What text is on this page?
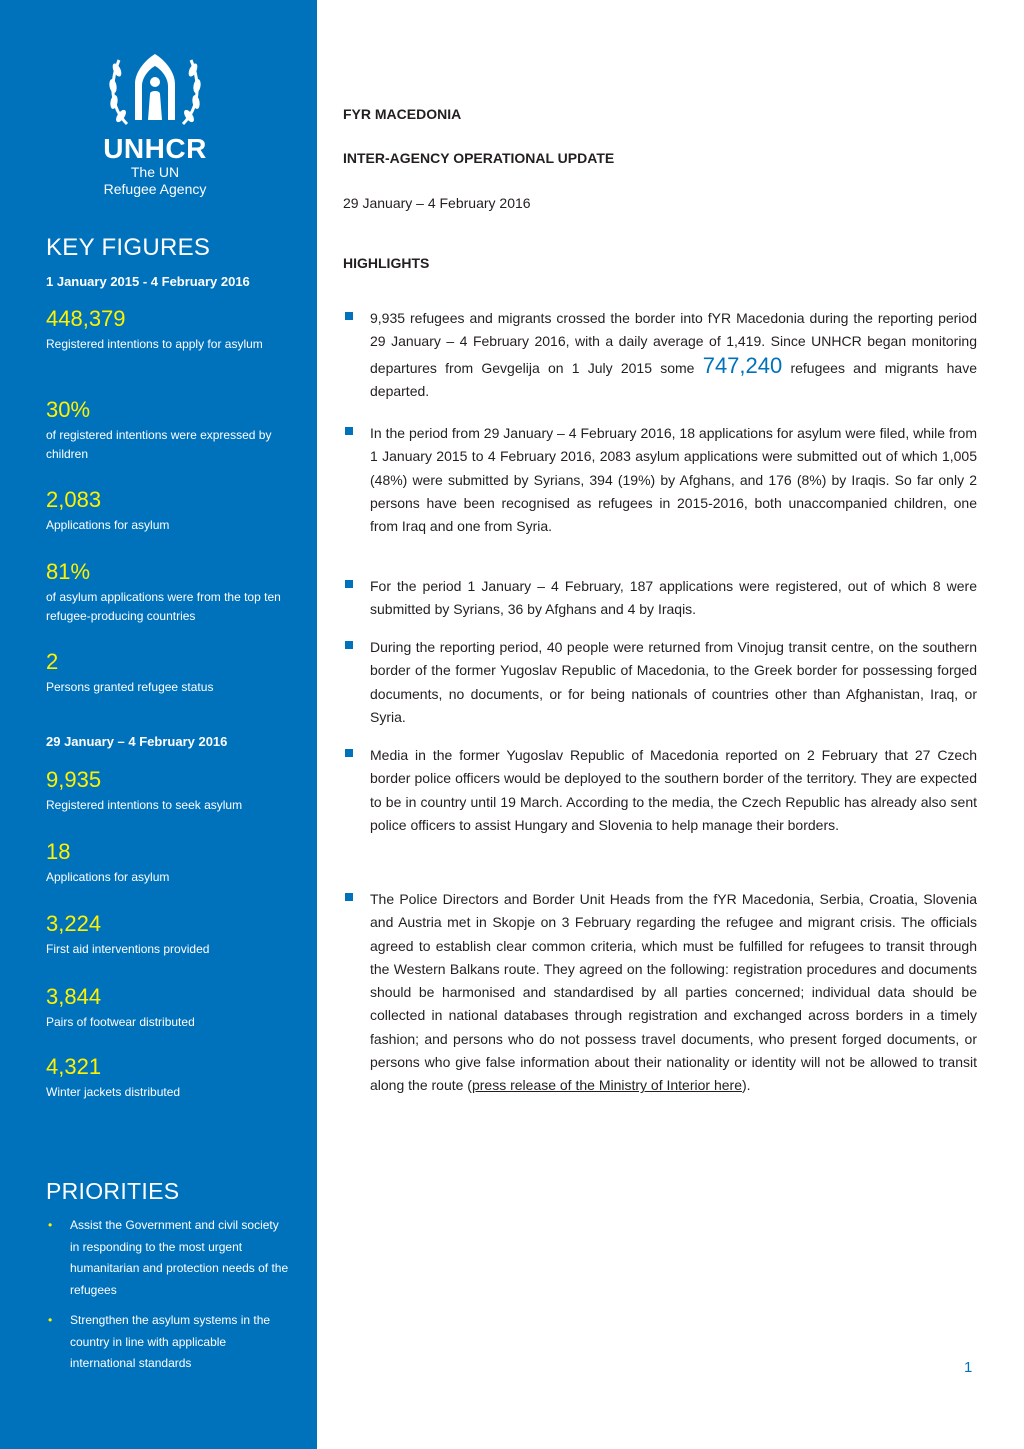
UNHCR
The UN
Refugee Agency
KEY FIGURES
1 January 2015 - 4 February 2016
448,379
Registered intentions to apply for asylum
30%
of registered intentions were expressed by children
2,083
Applications for asylum
81%
of asylum applications were from the top ten refugee-producing countries
2
Persons granted refugee status
29 January – 4 February 2016
9,935
Registered intentions to seek asylum
18
Applications for asylum
3,224
First aid interventions provided
3,844
Pairs of footwear distributed
4,321
Winter jackets distributed
PRIORITIES
• Assist the Government and civil society in responding to the most urgent humanitarian and protection needs of the refugees
• Strengthen the asylum systems in the country in line with applicable international standards
FYR MACEDONIA
INTER-AGENCY OPERATIONAL UPDATE
29 January – 4 February 2016
HIGHLIGHTS

9,935 refugees and migrants crossed the border into fYR Macedonia during the reporting period 29 January – 4 February 2016, with a daily average of 1,419. Since UNHCR began monitoring departures from Gevgelija on 1 July 2015 some 747,240 refugees and migrants have departed.

In the period from 29 January – 4 February 2016, 18 applications for asylum were filed, while from 1 January 2015 to 4 February 2016, 2083 asylum applications were submitted out of which 1,005 (48%) were submitted by Syrians, 394 (19%) by Afghans, and 176 (8%) by Iraqis. So far only 2 persons have been recognised as refugees in 2015-2016, both unaccompanied children, one from Iraq and one from Syria.

For the period 1 January – 4 February, 187 applications were registered, out of which 8 were submitted by Syrians, 36 by Afghans and 4 by Iraqis.

During the reporting period, 40 people were returned from Vinojug transit centre, on the southern border of the former Yugoslav Republic of Macedonia, to the Greek border for possessing forged documents, no documents, or for being nationals of countries other than Afghanistan, Iraq, or Syria.

Media in the former Yugoslav Republic of Macedonia reported on 2 February that 27 Czech border police officers would be deployed to the southern border of the territory. They are expected to be in country until 19 March. According to the media, the Czech Republic has already also sent police officers to assist Hungary and Slovenia to help manage their borders.

The Police Directors and Border Unit Heads from the fYR Macedonia, Serbia, Croatia, Slovenia and Austria met in Skopje on 3 February regarding the refugee and migrant crisis. The officials agreed to establish clear common criteria, which must be fulfilled for refugees to transit through the Western Balkans route. They agreed on the following: registration procedures and documents should be harmonised and standardised by all parties concerned; individual data should be collected in national databases through registration and exchanged across borders in a timely fashion; and persons who do not possess travel documents, who present forged documents, or persons who give false information about their nationality or identity will not be allowed to transit along the route (press release of the Ministry of Interior here).

1
